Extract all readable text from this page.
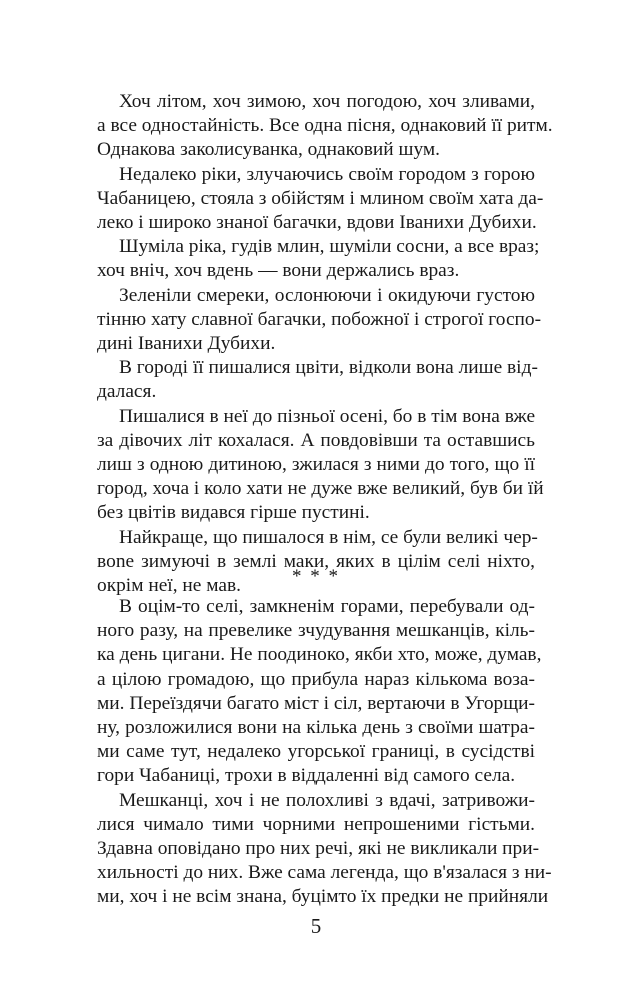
Хоч літом, хоч зимою, хоч погодою, хоч зливами,
а все одностайність. Все одна пісня, однаковий її ритм.
Однакова заколисуванка, однаковий шум.

Недалеко ріки, злучаючись своїм городом з горою
Чабаницею, стояла з обійстям і млином своїм хата да-
леко і широко знаної багачки, вдови Іванихи Дубихи.

Шуміла ріка, гудів млин, шуміли сосни, а все враз;
хоч вніч, хоч вдень — вони держались враз.

Зеленіли смереки, ослонюючи і окидуючи густою
тінню хату славної багачки, побожної і строгої госпо-
дині Іванихи Дубихи.

В городі її пишалися цвіти, відколи вона лише від-
далася.

Пишалися в неї до пізньої осені, бо в тім вона вже
за дівочих літ кохалася. А повдовівши та оставшись
лиш з одною дитиною, зжилася з ними до того, що її
город, хоча і коло хати не дуже вже великий, був би їй
без цвітів видався гірше пустині.

Найкраще, що пишалося в нім, се були великі чер-
вone зимуючі в землі маки, яких в цілім селі ніхто,
окрім неї, не мав.	* * *

В оцім-то селі, замкненім горами, перебували од-
ного разу, на превелике зчудування мешканців, кіль-
ка день цигани. Не поодиноко, якби хто, може, думав,
а цілою громадою, що прибула нараз кількома воза-
ми. Переїздячи багато міст і сіл, вертаючи в Угорщи-
ну, розложилися вони на кілька день з своїми шатра-
ми саме тут, недалеко угорської границі, в сусідстві
гори Чабаниці, трохи в віддаленні від самого села.

Мешканці, хоч і не полохливі з вдачі, затривожи-
лися чимало тими чорними непрошеними гістьми.
Здавна оповідано про них речі, які не викликали при-
хильності до них. Вже сама легенда, що в'язалася з ни-
ми, хоч і не всім знана, буцімто їх предки не прийняли

5
